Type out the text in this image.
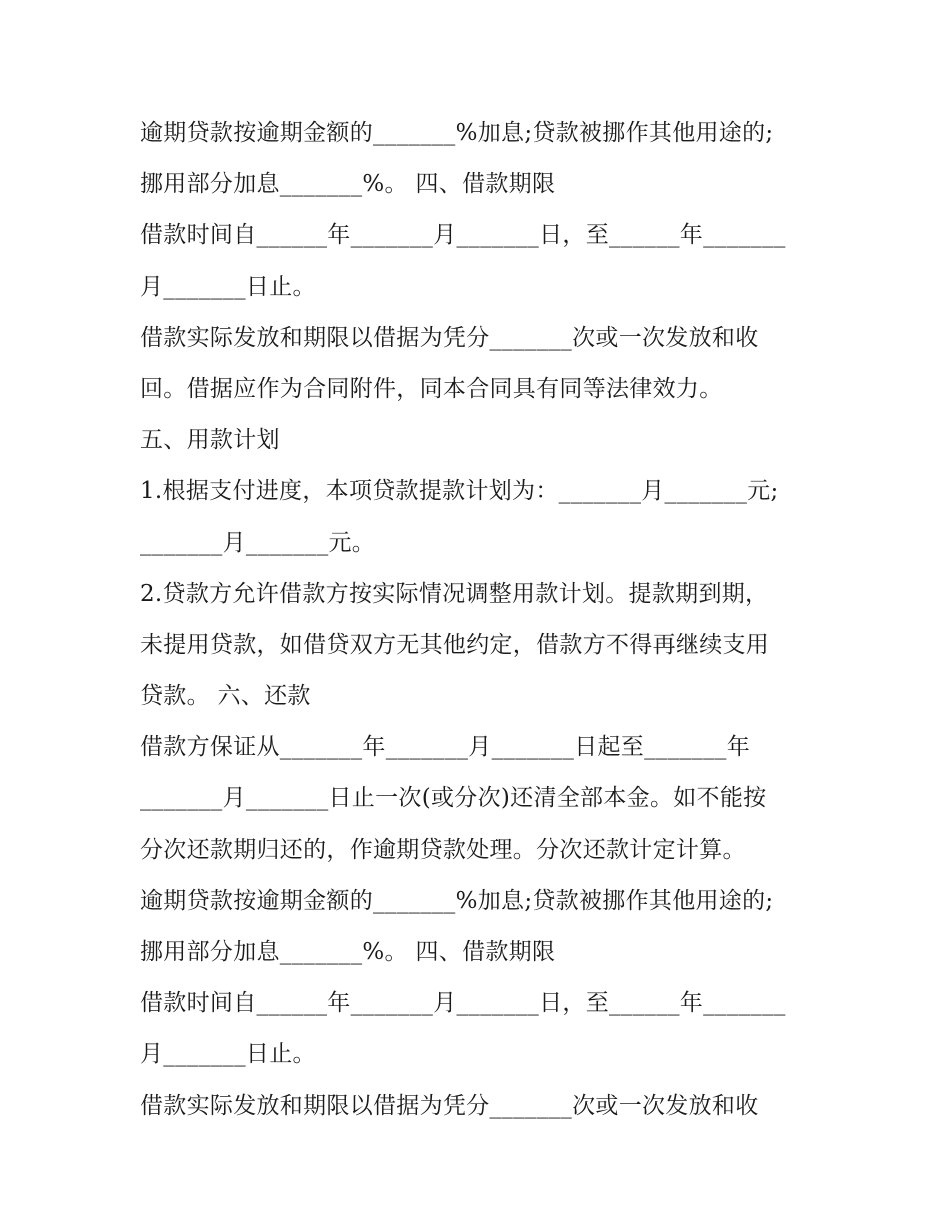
逾期贷款按逾期金额的_______%加息;贷款被挪作其他用途的;
挪用部分加息_______%。 四、借款期限
借款时间自______年_______月_______日，至______年_______
月_______日止。
借款实际发放和期限以借据为凭分_______次或一次发放和收
回。借据应作为合同附件，同本合同具有同等法律效力。
五、用款计划
1.根据支付进度，本项贷款提款计划为：_______月_______元;
_______月_______元。
2.贷款方允许借款方按实际情况调整用款计划。提款期到期，
未提用贷款，如借贷双方无其他约定，借款方不得再继续支用
贷款。 六、还款
借款方保证从_______年_______月_______日起至_______年
_______月_______日止一次(或分次)还清全部本金。如不能按
分次还款期归还的，作逾期贷款处理。分次还款计定计算。
逾期贷款按逾期金额的_______%加息;贷款被挪作其他用途的;
挪用部分加息_______%。 四、借款期限
借款时间自______年_______月_______日，至______年_______
月_______日止。
借款实际发放和期限以借据为凭分_______次或一次发放和收
